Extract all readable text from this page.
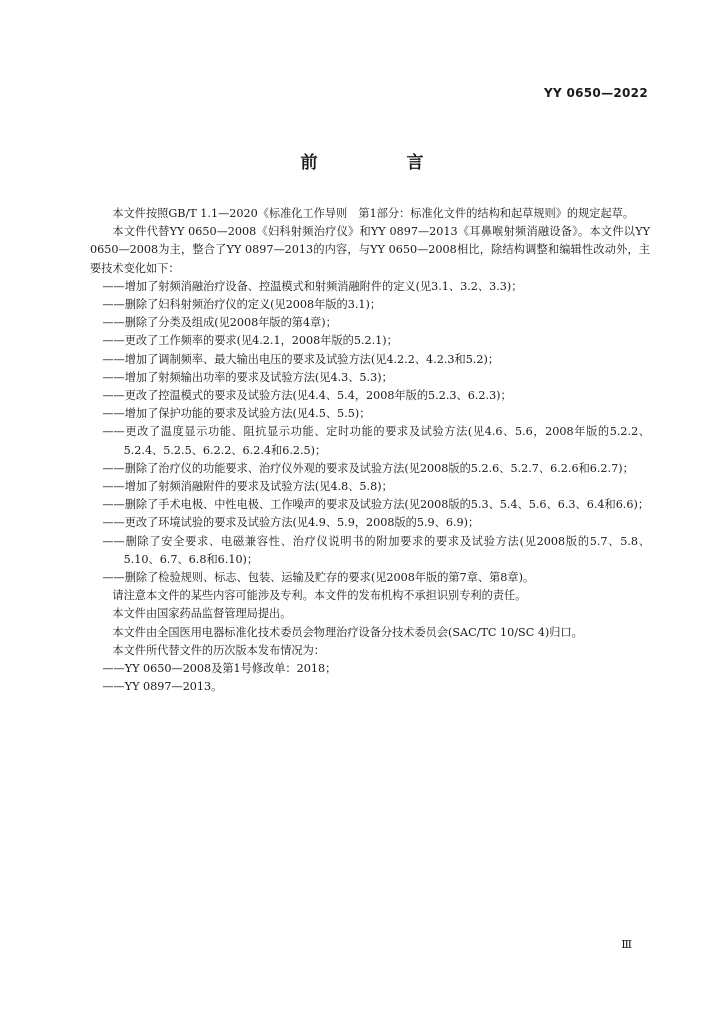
YY 0650—2022
前　言

本文件按照GB/T 1.1—2020《标准化工作导则　第1部分：标准化文件的结构和起草规则》的规定起草。

本文件代替YY 0650—2008《妇科射频治疗仪》和YY 0897—2013《耳鼻喉射频消融设备》。本文件以YY 0650—2008为主，整合了YY 0897—2013的内容，与YY 0650—2008相比，除结构调整和编辑性改动外，主要技术变化如下：

——增加了射频消融治疗设备、控温模式和射频消融附件的定义(见3.1、3.2、3.3)；

——删除了妇科射频治疗仪的定义(见2008年版的3.1)；

——删除了分类及组成(见2008年版的第4章)；

——更改了工作频率的要求(见4.2.1，2008年版的5.2.1)；

——增加了调制频率、最大输出电压的要求及试验方法(见4.2.2、4.2.3和5.2)；

——增加了射频输出功率的要求及试验方法(见4.3、5.3)；

——更改了控温模式的要求及试验方法(见4.4、5.4，2008年版的5.2.3、6.2.3)；

——增加了保护功能的要求及试验方法(见4.5、5.5)；

——更改了温度显示功能、阻抗显示功能、定时功能的要求及试验方法(见4.6、5.6，2008年版的5.2.2、5.2.4、5.2.5、6.2.2、6.2.4和6.2.5)；

——删除了治疗仪的功能要求、治疗仪外观的要求及试验方法(见2008版的5.2.6、5.2.7、6.2.6和6.2.7)；

——增加了射频消融附件的要求及试验方法(见4.8、5.8)；

——删除了手术电极、中性电极、工作噪声的要求及试验方法(见2008版的5.3、5.4、5.6、6.3、6.4和6.6)；

——更改了环境试验的要求及试验方法(见4.9、5.9，2008版的5.9、6.9)；

——删除了安全要求、电磁兼容性、治疗仪说明书的附加要求的要求及试验方法(见2008版的5.7、5.8、5.10、6.7、6.8和6.10)；

——删除了检验规则、标志、包装、运输及贮存的要求(见2008年版的第7章、第8章)。

请注意本文件的某些内容可能涉及专利。本文件的发布机构不承担识别专利的责任。

本文件由国家药品监督管理局提出。

本文件由全国医用电器标准化技术委员会物理治疗设备分技术委员会(SAC/TC 10/SC 4)归口。

本文件所代替文件的历次版本发布情况为：

——YY 0650—2008及第1号修改单：2018；

——YY 0897—2013。

Ⅲ
